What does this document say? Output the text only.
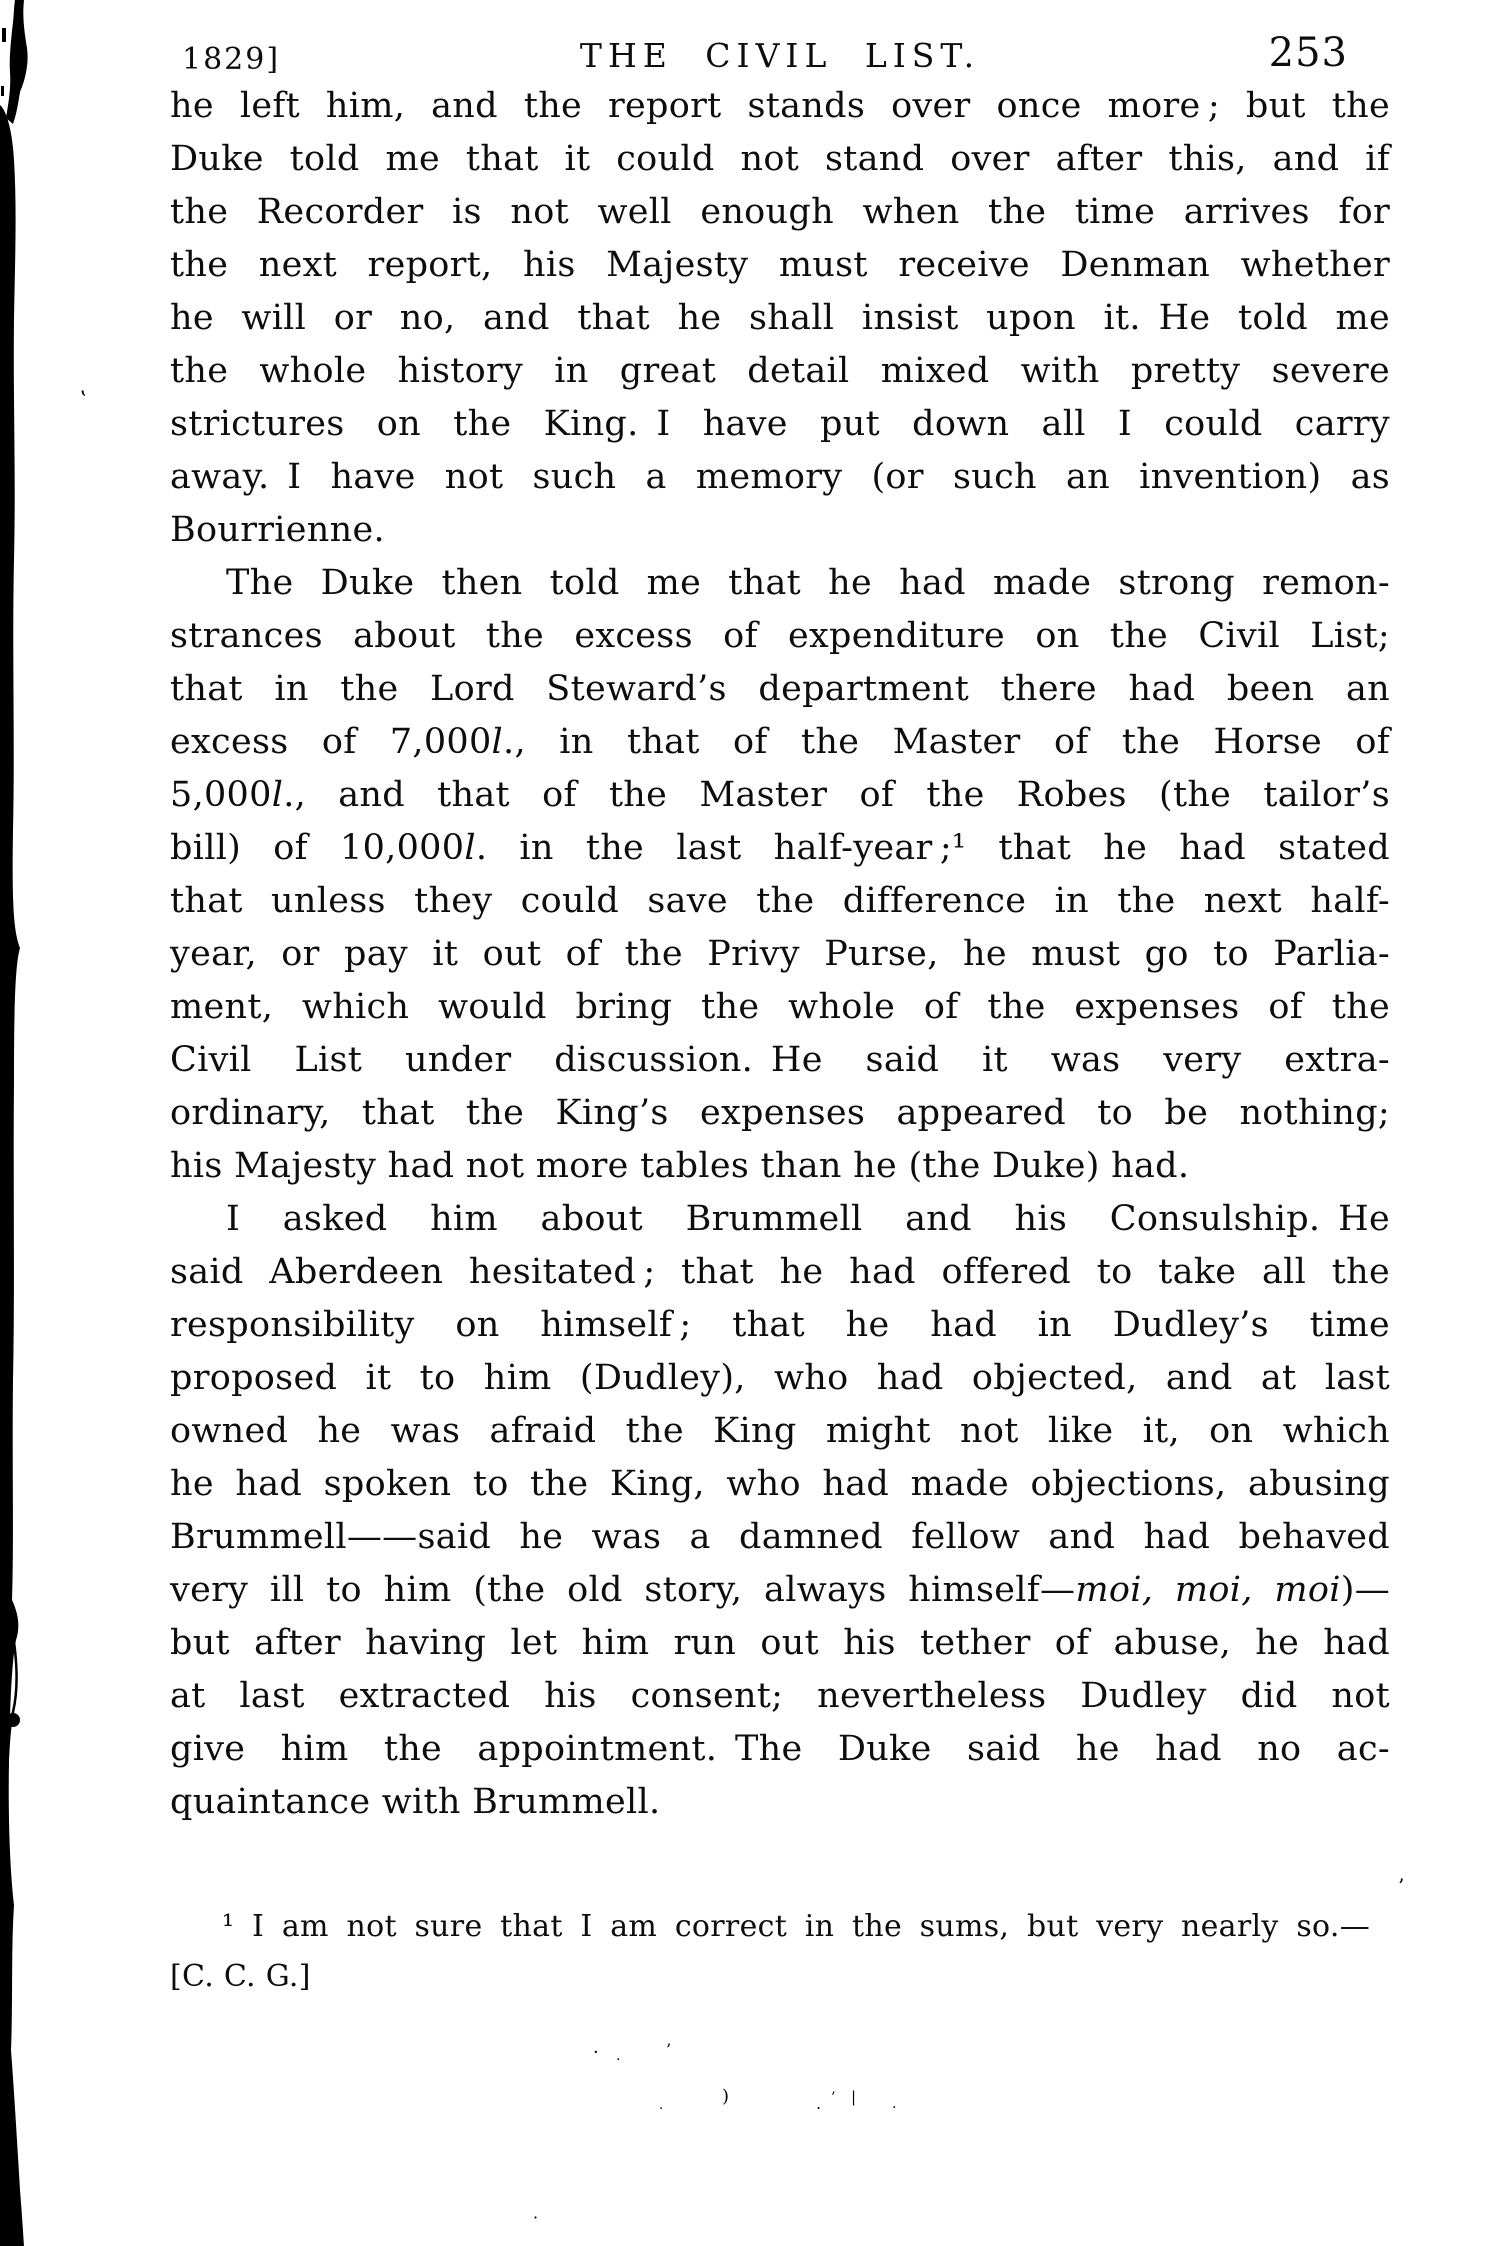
1829]	THE CIVIL LIST.	253
he left him, and the report stands over once more ; but the
Duke told me that it could not stand over after this, and if
the Recorder is not well enough when the time arrives for
the next report, his Majesty must receive Denman whether
he will or no, and that he shall insist upon it. He told me
the whole history in great detail mixed with pretty severe
strictures on the King. I have put down all I could carry
away. I have not such a memory (or such an invention) as
Bourrienne.
The Duke then told me that he had made strong remon-
strances about the excess of expenditure on the Civil List;
that in the Lord Steward’s department there had been an
excess of 7,000l., in that of the Master of the Horse of
5,000l., and that of the Master of the Robes (the tailor’s
bill) of 10,000l. in the last half-year ;¹ that he had stated
that unless they could save the difference in the next half-
year, or pay it out of the Privy Purse, he must go to Parlia-
ment, which would bring the whole of the expenses of the
Civil List under discussion. He said it was very extra-
ordinary, that the King’s expenses appeared to be nothing;
his Majesty had not more tables than he (the Duke) had.
I asked him about Brummell and his Consulship. He
said Aberdeen hesitated ; that he had offered to take all the
responsibility on himself ; that he had in Dudley’s time
proposed it to him (Dudley), who had objected, and at last
owned he was afraid the King might not like it, on which
he had spoken to the King, who had made objections, abusing
Brummell——said he was a damned fellow and had behaved
very ill to him (the old story, always himself—moi, moi, moi)—
but after having let him run out his tether of abuse, he had
at last extracted his consent; nevertheless Dudley did not
give him the appointment. The Duke said he had no ac-
quaintance with Brummell.
¹ I am not sure that I am correct in the sums, but very nearly so.—
[C. C. G.]
‛
’
· .	’
.	)	. ’ |	.
·
